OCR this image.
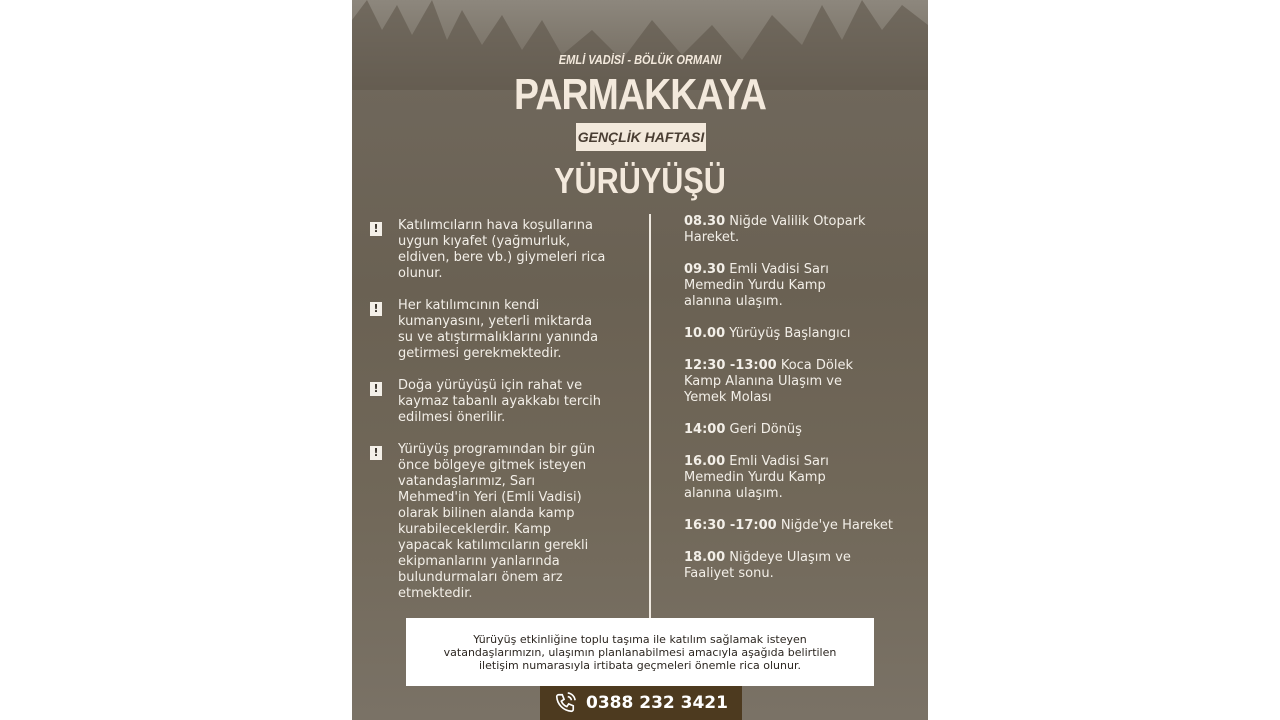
EMLİ VADİSİ - BÖLÜK ORMANI
PARMAKKAYA
GENÇLİK HAFTASI
YÜRÜYÜŞÜ
! Katılımcıların hava koşullarına
uygun kıyafet (yağmurluk,
eldiven, bere vb.) giymeleri rica
olunur.
! Her katılımcının kendi
kumanyasını, yeterli miktarda
su ve atıştırmalıklarını yanında
getirmesi gerekmektedir.
! Doğa yürüyüşü için rahat ve
kaymaz tabanlı ayakkabı tercih
edilmesi önerilir.
! Yürüyüş programından bir gün
önce bölgeye gitmek isteyen
vatandaşlarımız, Sarı
Mehmed'in Yeri (Emli Vadisi)
olarak bilinen alanda kamp
kurabileceklerdir. Kamp
yapacak katılımcıların gerekli
ekipmanlarını yanlarında
bulundurmaları önem arz
etmektedir.
08.30 Niğde Valilik Otopark
Hareket.
09.30 Emli Vadisi Sarı
Memedin Yurdu Kamp
alanına ulaşım.
10.00 Yürüyüş Başlangıcı
12:30 -13:00 Koca Dölek
Kamp Alanına Ulaşım ve
Yemek Molası
14:00 Geri Dönüş
16.00 Emli Vadisi Sarı
Memedin Yurdu Kamp
alanına ulaşım.
16:30 -17:00 Niğde'ye Hareket
18.00 Niğdeye Ulaşım ve
Faaliyet sonu.
Yürüyüş etkinliğine toplu taşıma ile katılım sağlamak isteyen vatandaşlarımızın, ulaşımın planlanabilmesi amacıyla aşağıda belirtilen iletişim numarasıyla irtibata geçmeleri önemle rica olunur.
0388 232 3421
